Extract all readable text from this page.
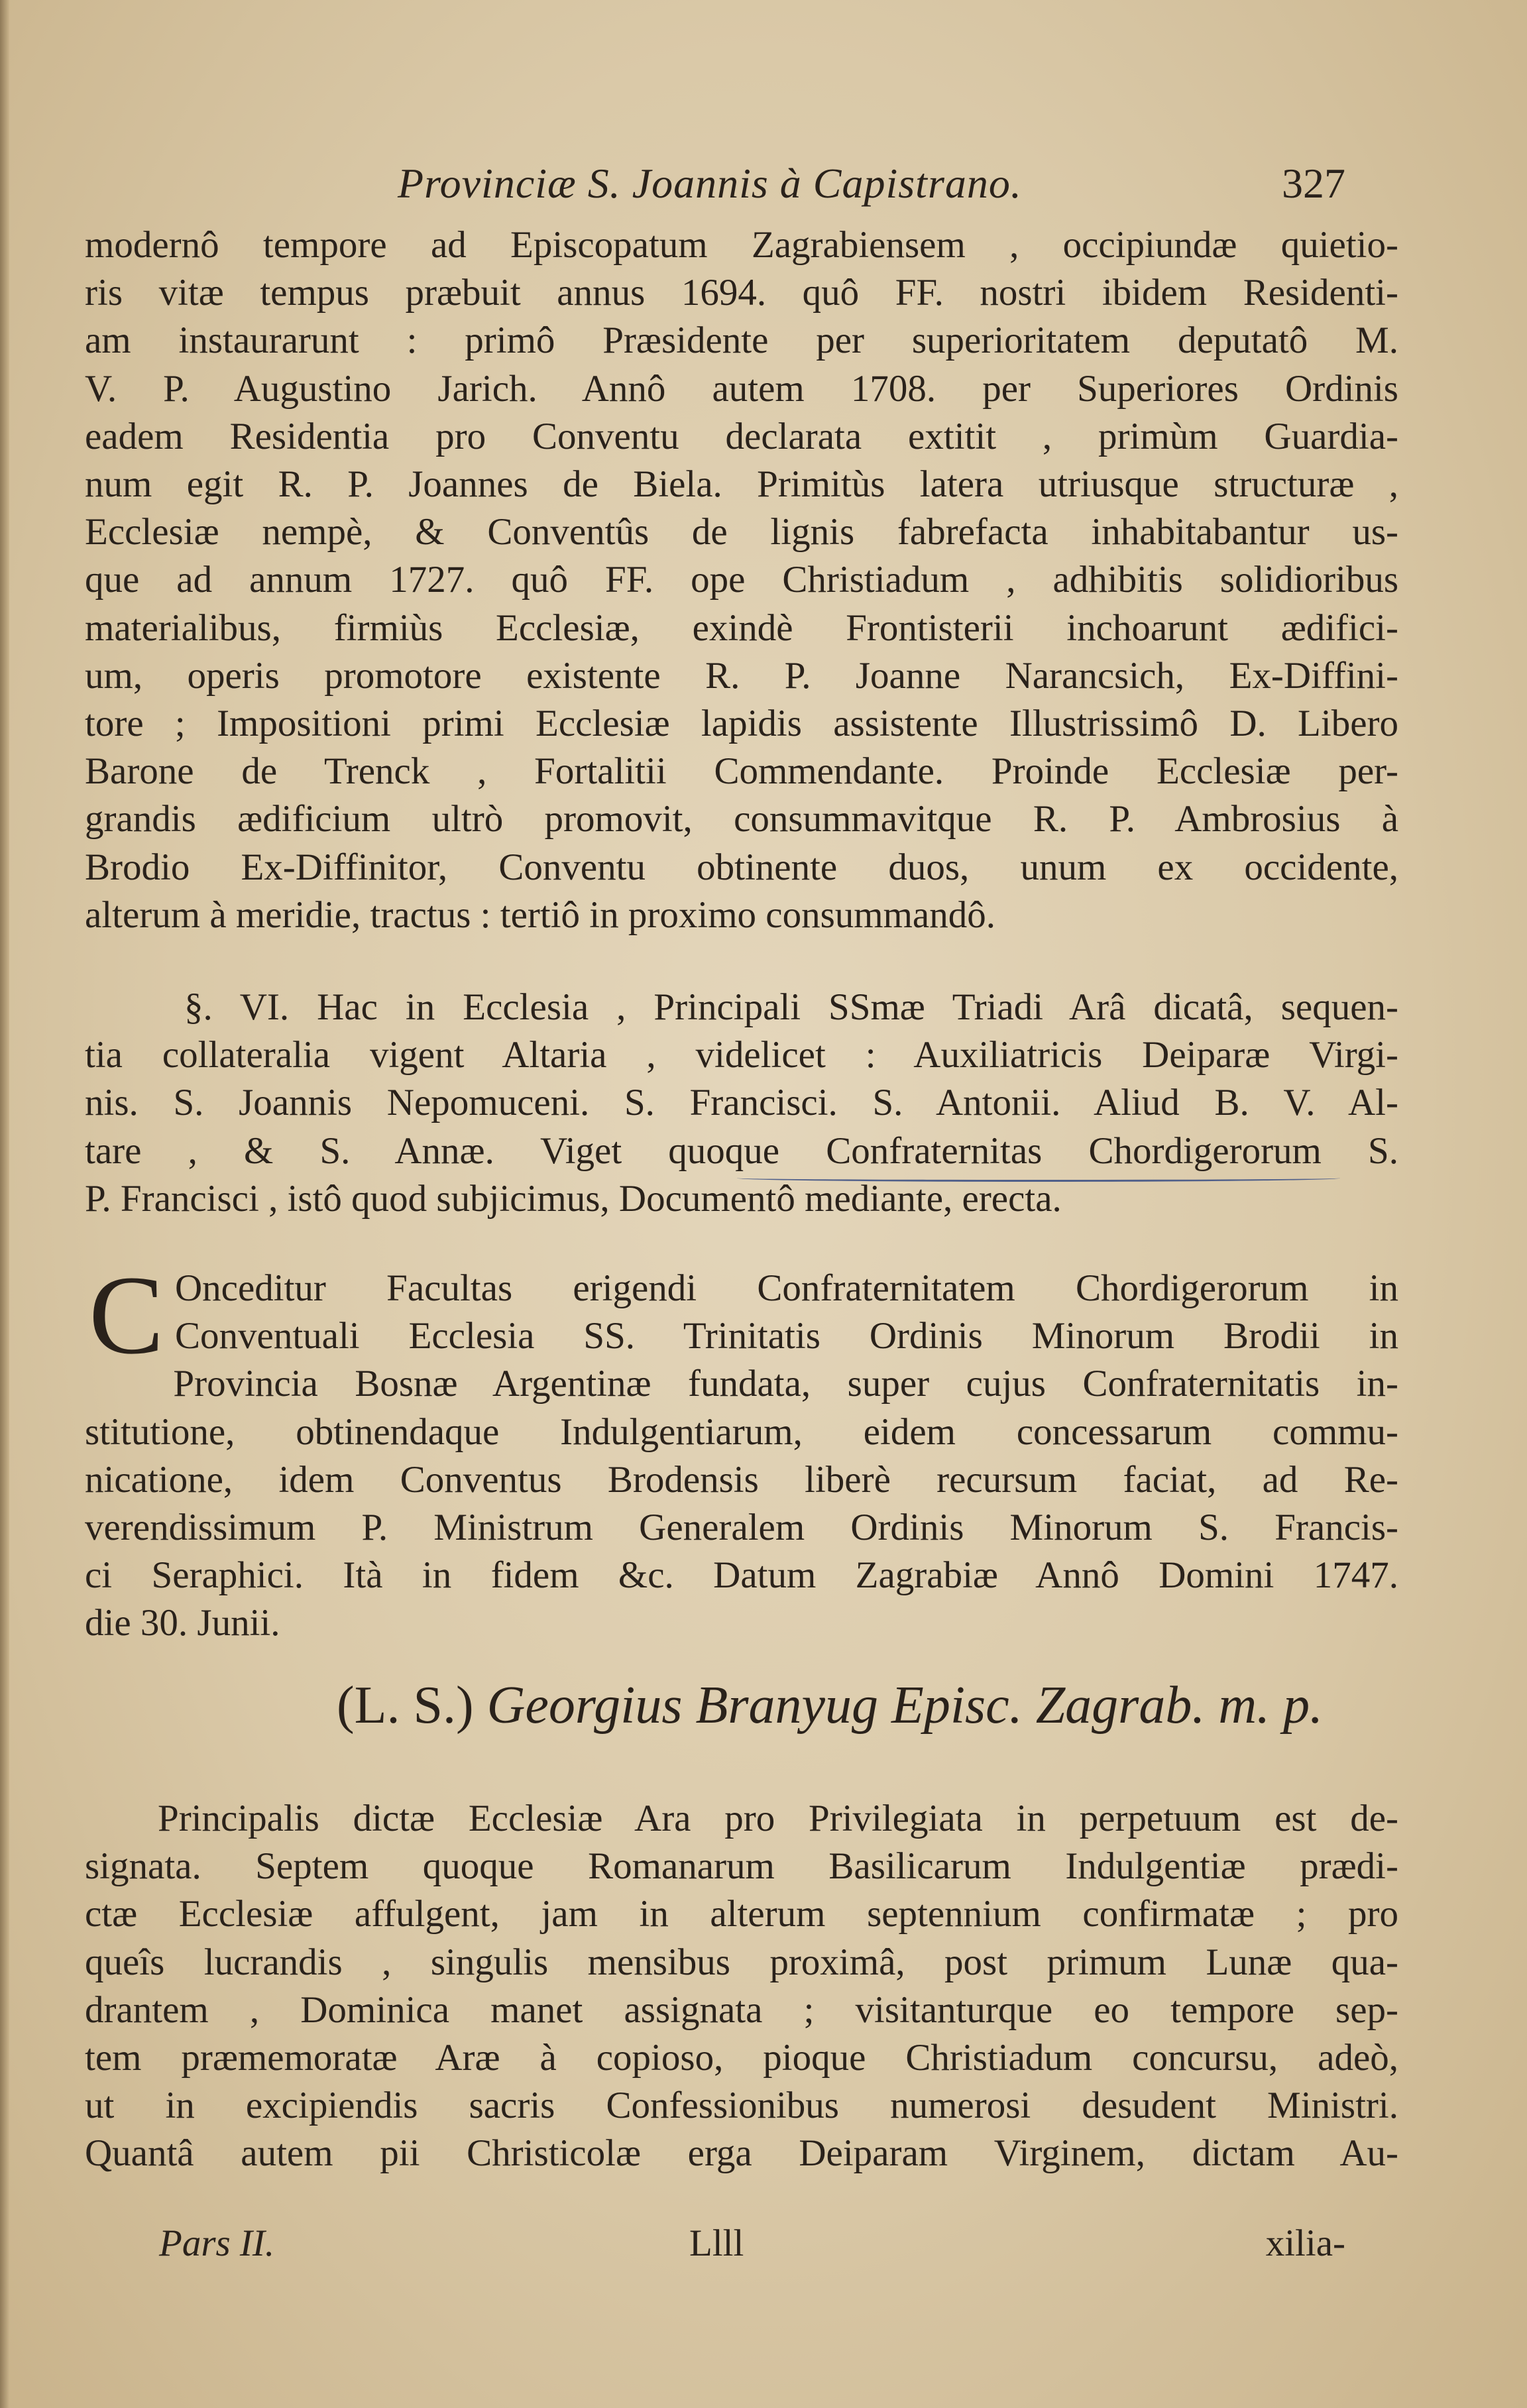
Provinciæ S. Joannis à Capistrano.	327
modernô tempore ad Episcopatum Zagrabiensem , occipiundæ quietio-
ris vitæ tempus præbuit annus 1694. quô FF. nostri ibidem Residenti-
am instaurarunt : primô Præsidente per superioritatem deputatô M.
V. P. Augustino Jarich. Annô autem 1708. per Superiores Ordinis
eadem Residentia pro Conventu declarata extitit , primùm Guardia-
num egit R. P. Joannes de Biela. Primitùs latera utriusque structuræ ,
Ecclesiæ nempè, & Conventûs de lignis fabrefacta inhabitabantur us-
que ad annum 1727. quô FF. ope Christiadum , adhibitis solidioribus
materialibus, firmiùs Ecclesiæ, exindè Frontisterii inchoarunt ædifici-
um, operis promotore existente R. P. Joanne Narancsich, Ex-Diffini-
tore ; Impositioni primi Ecclesiæ lapidis assistente Illustrissimô D. Libero
Barone de Trenck , Fortalitii Commendante. Proinde Ecclesiæ per-
grandis ædificium ultrò promovit, consummavitque R. P. Ambrosius à
Brodio Ex-Diffinitor, Conventu obtinente duos, unum ex occidente,
alterum à meridie, tractus : tertiô in proximo consummandô.
§. VI. Hac in Ecclesia , Principali SSmæ Triadi Arâ dicatâ, sequen-
tia collateralia vigent Altaria , videlicet : Auxiliatricis Deiparæ Virgi-
nis. S. Joannis Nepomuceni. S. Francisci. S. Antonii. Aliud B. V. Al-
tare , & S. Annæ. Viget quoque Confraternitas Chordigerorum S.
P. Francisci , istô quod subjicimus, Documentô mediante, erecta.
C Onceditur Facultas erigendi Confraternitatem Chordigerorum in
Conventuali Ecclesia SS. Trinitatis Ordinis Minorum Brodii in
Provincia Bosnæ Argentinæ fundata, super cujus Confraternitatis in-
stitutione, obtinendaque Indulgentiarum, eidem concessarum commu-
nicatione, idem Conventus Brodensis liberè recursum faciat, ad Re-
verendissimum P. Ministrum Generalem Ordinis Minorum S. Francis-
ci Seraphici. Ità in fidem &c. Datum Zagrabiæ Annô Domini 1747.
die 30. Junii.
(L. S.) Georgius Branyug Episc. Zagrab. m. p.
Principalis dictæ Ecclesiæ Ara pro Privilegiata in perpetuum est de-
signata. Septem quoque Romanarum Basilicarum Indulgentiæ prædi-
ctæ Ecclesiæ affulgent, jam in alterum septennium confirmatæ ; pro
queîs lucrandis , singulis mensibus proximâ, post primum Lunæ qua-
drantem , Dominica manet assignata ; visitanturque eo tempore sep-
tem præmemoratæ Aræ à copioso, pioque Christiadum concursu, adeò,
ut in excipiendis sacris Confessionibus numerosi desudent Ministri.
Quantâ autem pii Christicolæ erga Deiparam Virginem, dictam Au-
Pars II.	Llll	xilia-
